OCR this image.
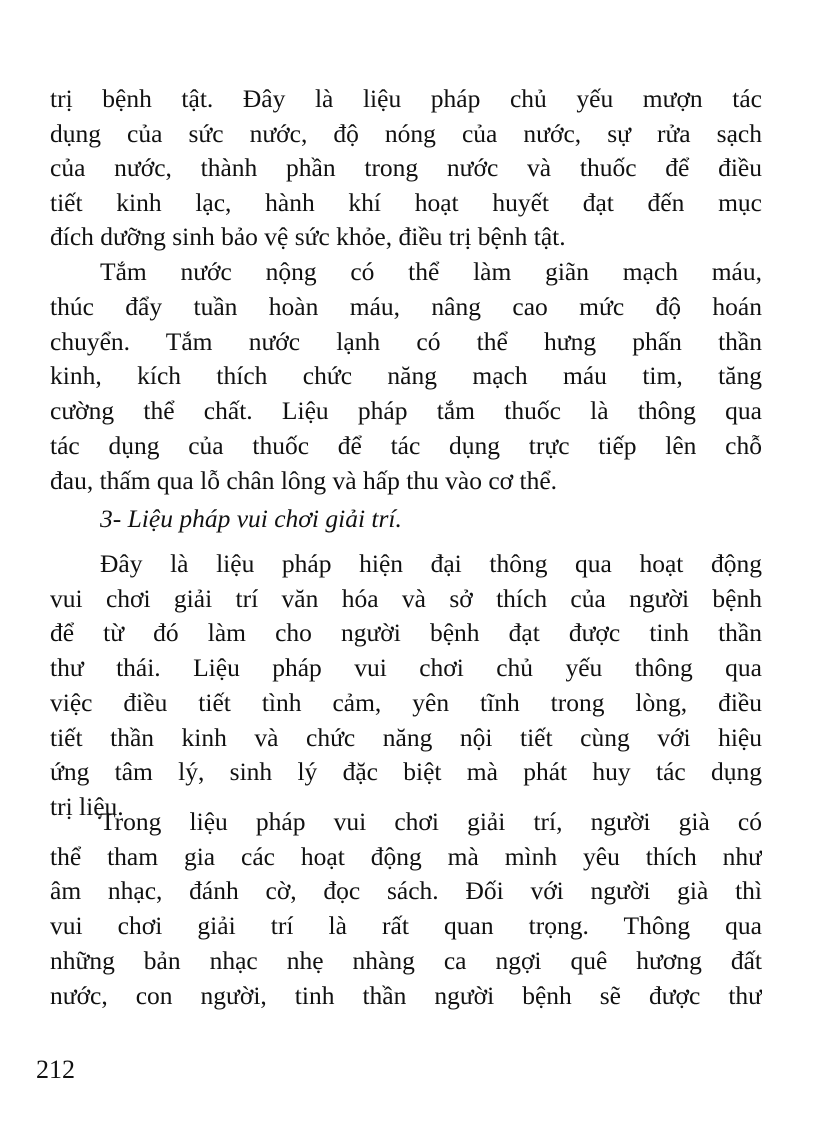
trị bệnh tật. Đây là liệu pháp chủ yếu mượn tác
dụng của sức nước, độ nóng của nước, sự rửa sạch
của nước, thành phần trong nước và thuốc để điều
tiết kinh lạc, hành khí hoạt huyết đạt đến mục
đích dưỡng sinh bảo vệ sức khỏe, điều trị bệnh tật.
Tắm nước nộng có thể làm giãn mạch máu,
thúc đẩy tuần hoàn máu, nâng cao mức độ hoán
chuyển. Tắm nước lạnh có thể hưng phấn thần
kinh, kích thích chức năng mạch máu tim, tăng
cường thể chất. Liệu pháp tắm thuốc là thông qua
tác dụng của thuốc để tác dụng trực tiếp lên chỗ
đau, thấm qua lỗ chân lông và hấp thu vào cơ thể.
3- Liệu pháp vui chơi giải trí.
Đây là liệu pháp hiện đại thông qua hoạt động
vui chơi giải trí văn hóa và sở thích của người bệnh
để từ đó làm cho người bệnh đạt được tinh thần
thư thái. Liệu pháp vui chơi chủ yếu thông qua
việc điều tiết tình cảm, yên tĩnh trong lòng, điều
tiết thần kinh và chức năng nội tiết cùng với hiệu
ứng tâm lý, sinh lý đặc biệt mà phát huy tác dụng
trị liệu.
Trong liệu pháp vui chơi giải trí, người già có
thể tham gia các hoạt động mà mình yêu thích như
âm nhạc, đánh cờ, đọc sách. Đối với người già thì
vui chơi giải trí là rất quan trọng. Thông qua
những bản nhạc nhẹ nhàng ca ngợi quê hương đất
nước, con người, tinh thần người bệnh sẽ được thư
212
